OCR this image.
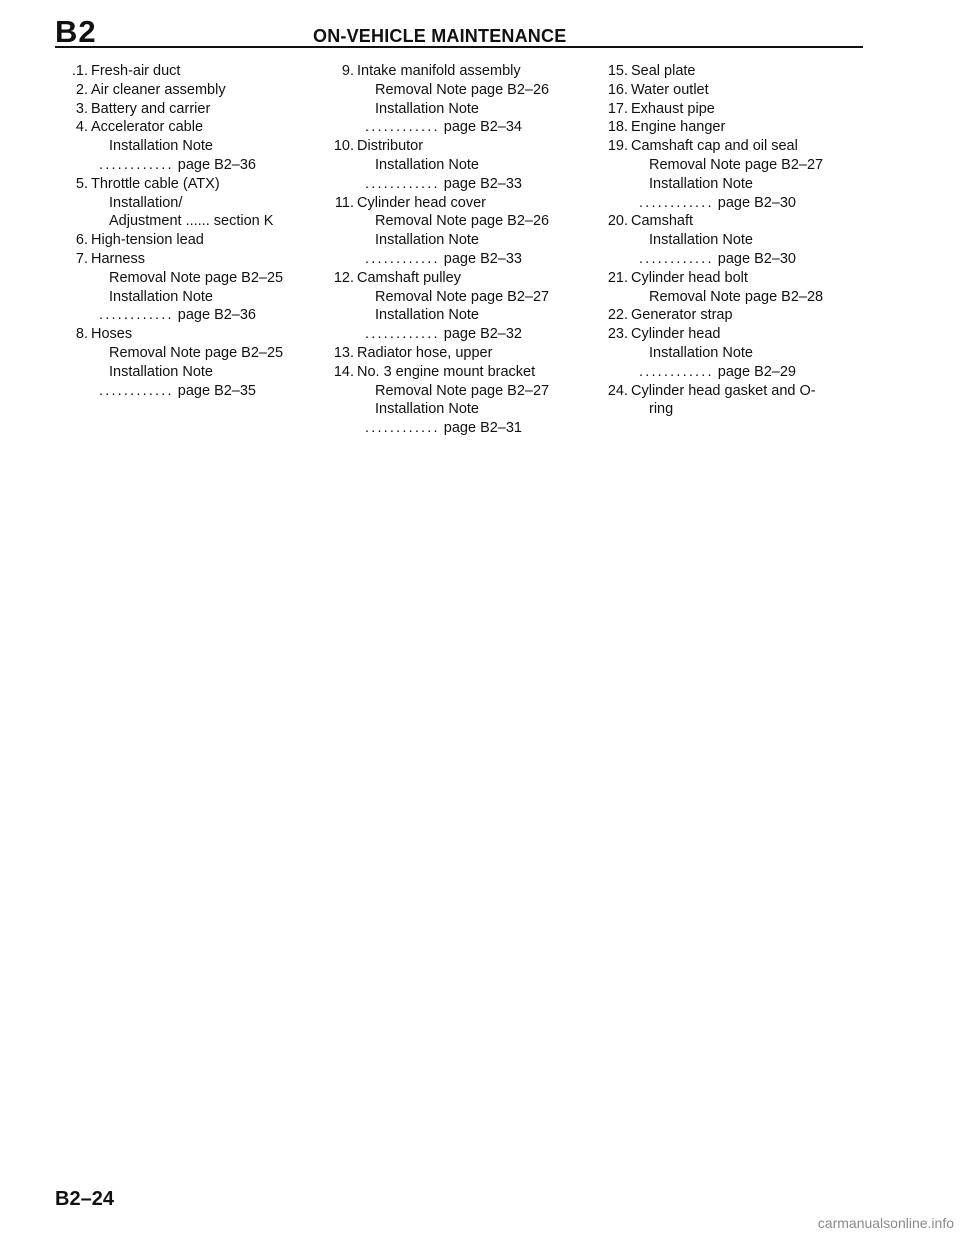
B2	ON-VEHICLE MAINTENANCE
.1. Fresh-air duct
2. Air cleaner assembly
3. Battery and carrier
4. Accelerator cable
Installation Note
............ page B2–36
5. Throttle cable (ATX)
Installation/
Adjustment ...... section K
6. High-tension lead
7. Harness
Removal Note page B2–25
Installation Note
............ page B2–36
8. Hoses
Removal Note page B2–25
Installation Note
............ page B2–35
9. Intake manifold assembly
Removal Note page B2–26
Installation Note
............ page B2–34
10. Distributor
Installation Note
............ page B2–33
11. Cylinder head cover
Removal Note page B2–26
Installation Note
............ page B2–33
12. Camshaft pulley
Removal Note page B2–27
Installation Note
............ page B2–32
13. Radiator hose, upper
14. No. 3 engine mount bracket
Removal Note page B2–27
Installation Note
............ page B2–31
15. Seal plate
16. Water outlet
17. Exhaust pipe
18. Engine hanger
19. Camshaft cap and oil seal
Removal Note page B2–27
Installation Note
............ page B2–30
20. Camshaft
Installation Note
............ page B2–30
21. Cylinder head bolt
Removal Note page B2–28
22. Generator strap
23. Cylinder head
Installation Note
............ page B2–29
24. Cylinder head gasket and O-
ring
B2–24
carmanualsonline.info
